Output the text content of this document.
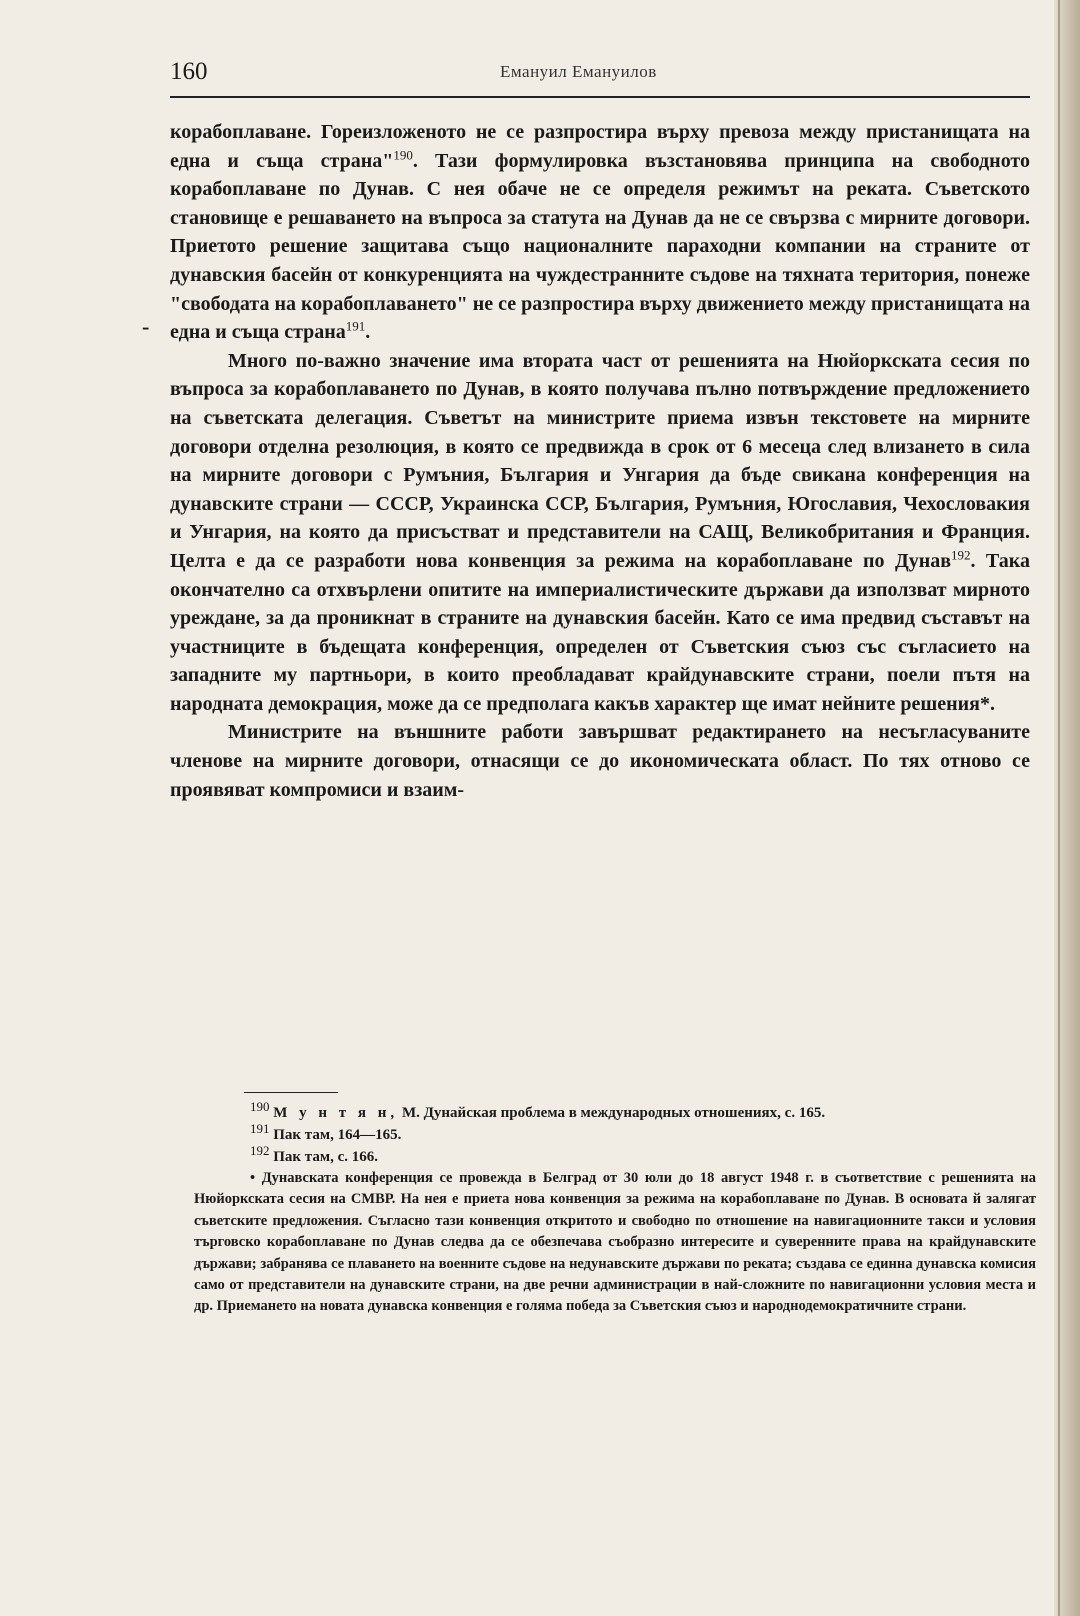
160	Емануил Емануилов
-

корабоплаване. Гореизложеното не се разпростира върху превоза между пристанищата на една и съща страна"$^{190}$. Тази формулировка възстановява принципа на свободното корабоплаване по Дунав. С нея обаче не се определя режимът на реката. Съветското становище е решаването на въпроса за статута на Дунав да не се свързва с мирните договори. Приетото решение защитава също националните параходни компании на страните от дунавския басейн от конкуренцията на чуждестранните съдове на тяхната територия, понеже "свободата на корабоплаването" не се разпростира върху движението между пристанищата на една и съща страна$^{191}$.

Много по-важно значение има втората част от решенията на Нюйоркската сесия по въпроса за корабоплаването по Дунав, в която получава пълно потвърждение предложението на съветската делегация. Съветът на министрите приема извън текстовете на мирните договори отделна резолюция, в която се предвижда в срок от 6 месеца след влизането в сила на мирните договори с Румъния, България и Унгария да бъде свикана конференция на дунавските страни — СССР, Украинска ССР, България, Румъния, Югославия, Чехословакия и Унгария, на която да присъстват и представители на САЩ, Великобритания и Франция. Целта е да се разработи нова конвенция за режима на корабоплаване по Дунав$^{192}$. Така окончателно са отхвърлени опитите на империалистическите държави да използват мирното уреждане, за да проникнат в страните на дунавския басейн. Като се има предвид съставът на участниците в бъдещата конференция, определен от Съветския съюз със съгласието на западните му партньори, в които преобладават крайдунавските страни, поели пътя на народната демокрация, може да се предполага какъв характер ще имат нейните решения*.

Министрите на външните работи завършват редактирането на несъгласуваните членове на мирните договори, отнасящи се до икономическата област. По тях отново се проявяват компромиси и взаим-

$^{190}$ М у н т я н, М. Дунайская проблема в международных отношениях, с. 165.

$^{191}$ Пак там, 164—165.

$^{192}$ Пак там, с. 166.

• Дунавската конференция се провежда в Белград от 30 юли до 18 август 1948 г. в съответствие с решенията на Нюйоркската сесия на СМВР. На нея е приета нова конвенция за режима на корабоплаване по Дунав. В основата й залягат съветските предложения. Съгласно тази конвенция откритото и свободно по отношение на навигационните такси и условия търговско корабоплаване по Дунав следва да се обезпечава съобразно интересите и суверенните права на крайдунавските държави; забранява се плаването на военните съдове на недунавските държави по реката; създава се единна дунавска комисия само от представители на дунавските страни, на две речни администрации в най-сложните по навигационни условия места и др. Приемането на новата дунавска конвенция е голяма победа за Съветския съюз и народнодемократичните страни.
